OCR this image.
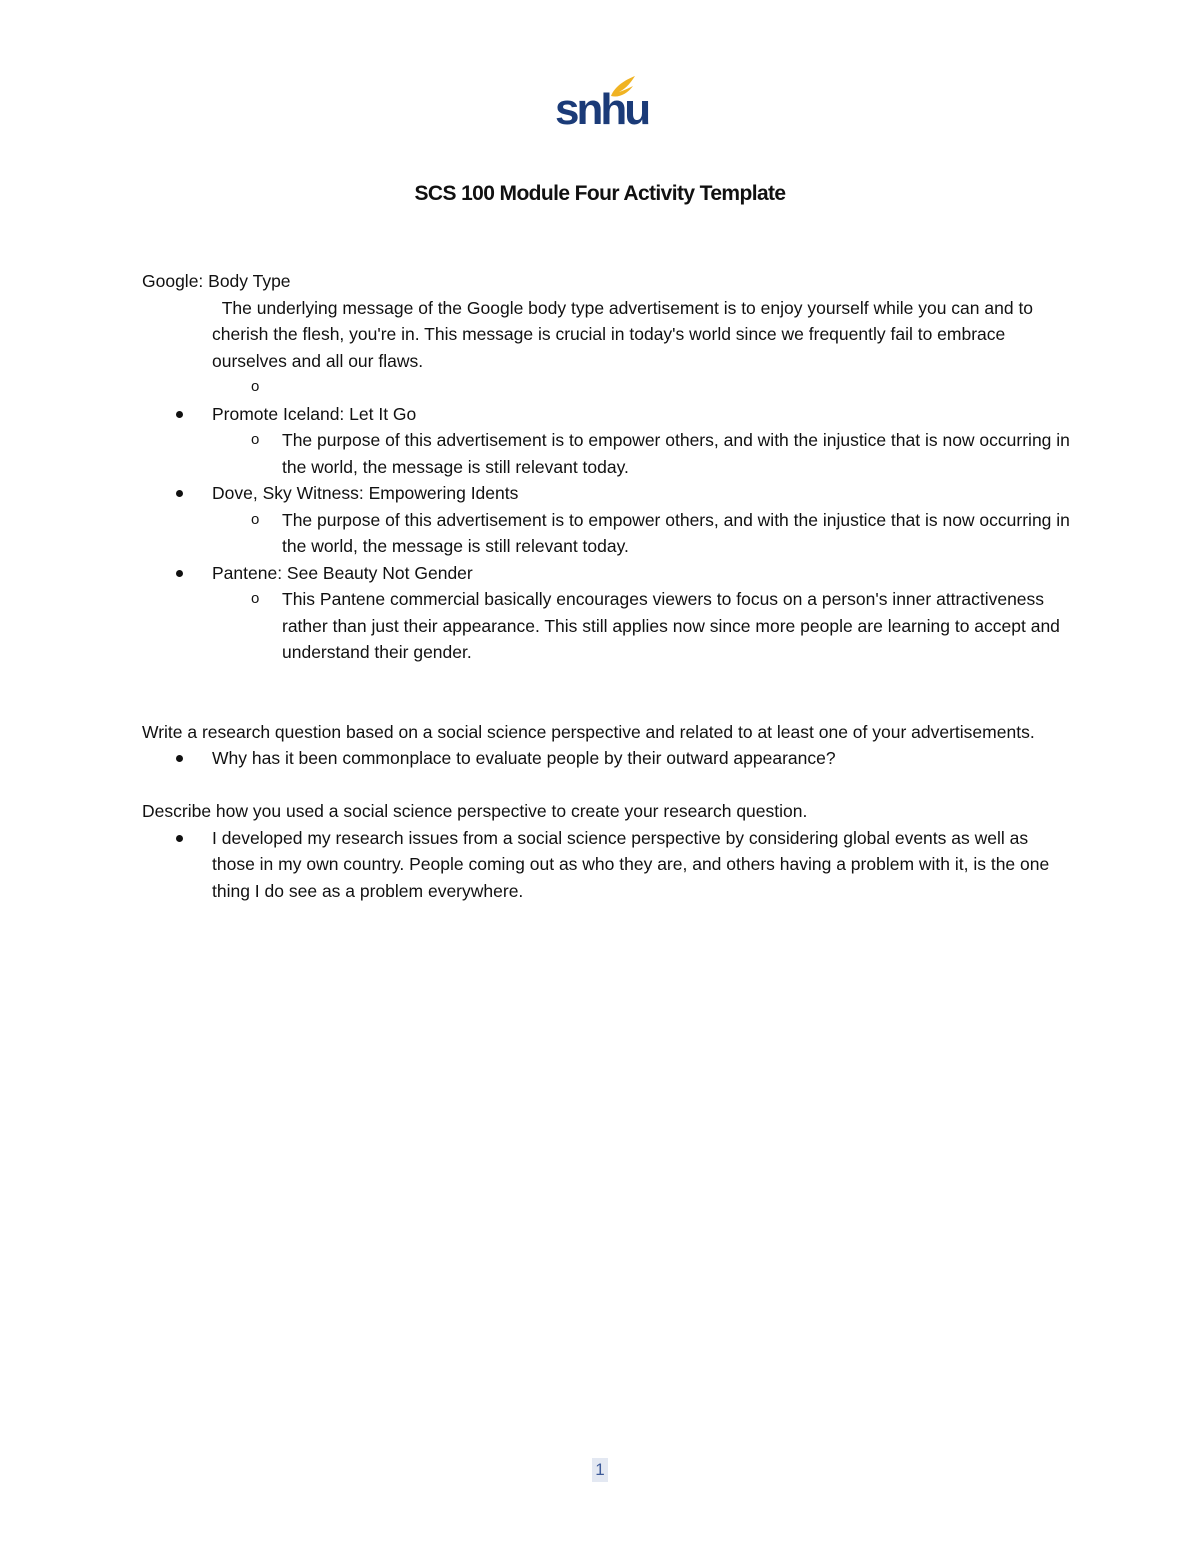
snhu
SCS 100 Module Four Activity Template

Google: Body Type

The underlying message of the Google body type advertisement is to enjoy yourself while you can and to cherish the flesh, you're in. This message is crucial in today's world since we frequently fail to embrace ourselves and all our flaws.

o
Promote Iceland: Let It Go
o The purpose of this advertisement is to empower others, and with the injustice that is now occurring in the world, the message is still relevant today.
Dove, Sky Witness: Empowering Idents
o The purpose of this advertisement is to empower others, and with the injustice that is now occurring in the world, the message is still relevant today.
Pantene: See Beauty Not Gender
o This Pantene commercial basically encourages viewers to focus on a person's inner attractiveness rather than just their appearance. This still applies now since more people are learning to accept and understand their gender.

Write a research question based on a social science perspective and related to at least one of your advertisements.

Why has it been commonplace to evaluate people by their outward appearance?

Describe how you used a social science perspective to create your research question.

I developed my research issues from a social science perspective by considering global events as well as those in my own country. People coming out as who they are, and others having a problem with it, is the one thing I do see as a problem everywhere.
1
